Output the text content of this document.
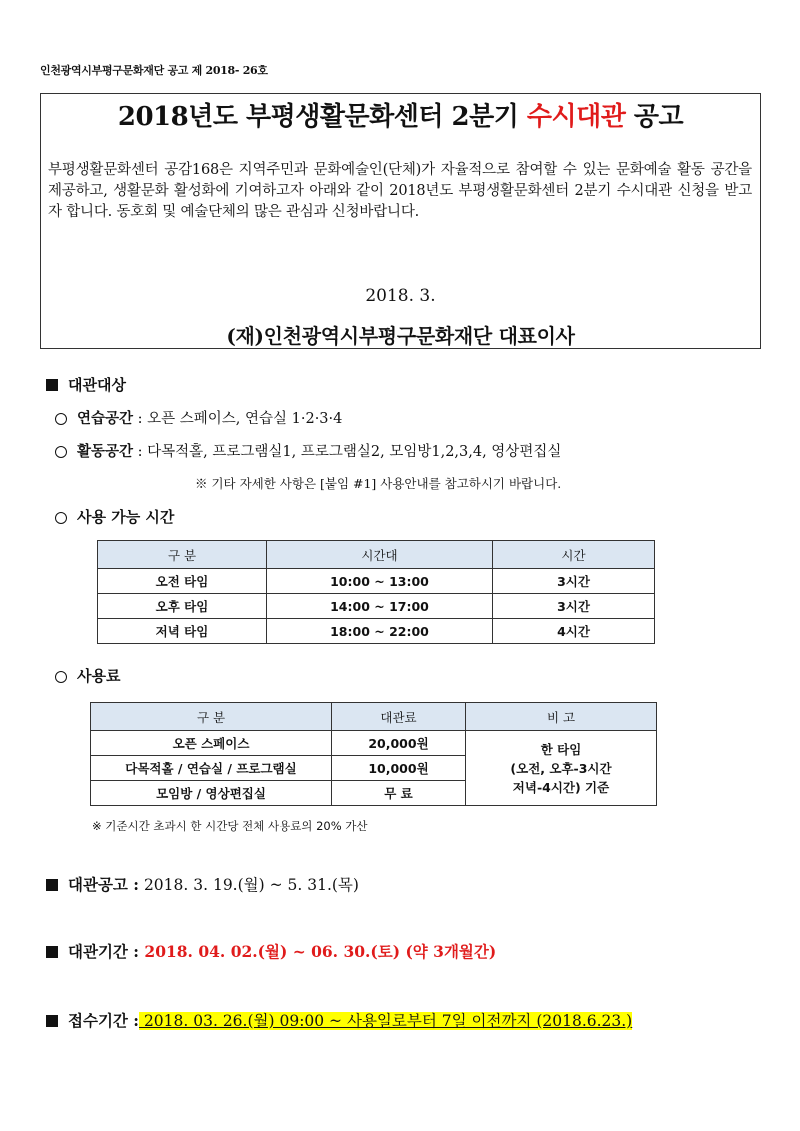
인천광역시부평구문화재단 공고 제 2018- 26호
2018년도 부평생활문화센터 2분기 수시대관 공고
부평생활문화센터 공감168은 지역주민과 문화예술인(단체)가 자율적으로 참여할 수 있는 문화예술 활동 공간을 제공하고, 생활문화 활성화에 기여하고자 아래와 같이 2018년도 부평생활문화센터 2분기 수시대관 신청을 받고자 합니다. 동호회 및 예술단체의 많은 관심과 신청바랍니다.
2018. 3.
(재)인천광역시부평구문화재단 대표이사
대관대상
연습공간 : 오픈 스페이스, 연습실 1·2·3·4
활동공간 : 다목적홀, 프로그램실1, 프로그램실2, 모임방1,2,3,4, 영상편집실
※ 기타 자세한 사항은 [붙임 #1] 사용안내를 참고하시기 바랍니다.
사용 가능 시간
구 분	시간대	시간
오전 타임	10:00 ~ 13:00	3시간
오후 타임	14:00 ~ 17:00	3시간
저녁 타임	18:00 ~ 22:00	4시간
사용료
구 분	대관료	비 고
오픈 스페이스	20,000원	한 타임
(오전, 오후-3시간
저녁-4시간) 기준

다목적홀 / 연습실 / 프로그램실	10,000원	
모임방 / 영상편집실	무 료	
※ 기준시간 초과시 한 시간당 전체 사용료의 20% 가산
대관공고 : 2018. 3. 19.(월) ~ 5. 31.(목)
대관기간 : 2018. 04. 02.(월) ~ 06. 30.(토) (약 3개월간)
접수기간 : 2018. 03. 26.(월) 09:00 ~ 사용일로부터 7일 이전까지 (2018.6.23.)
